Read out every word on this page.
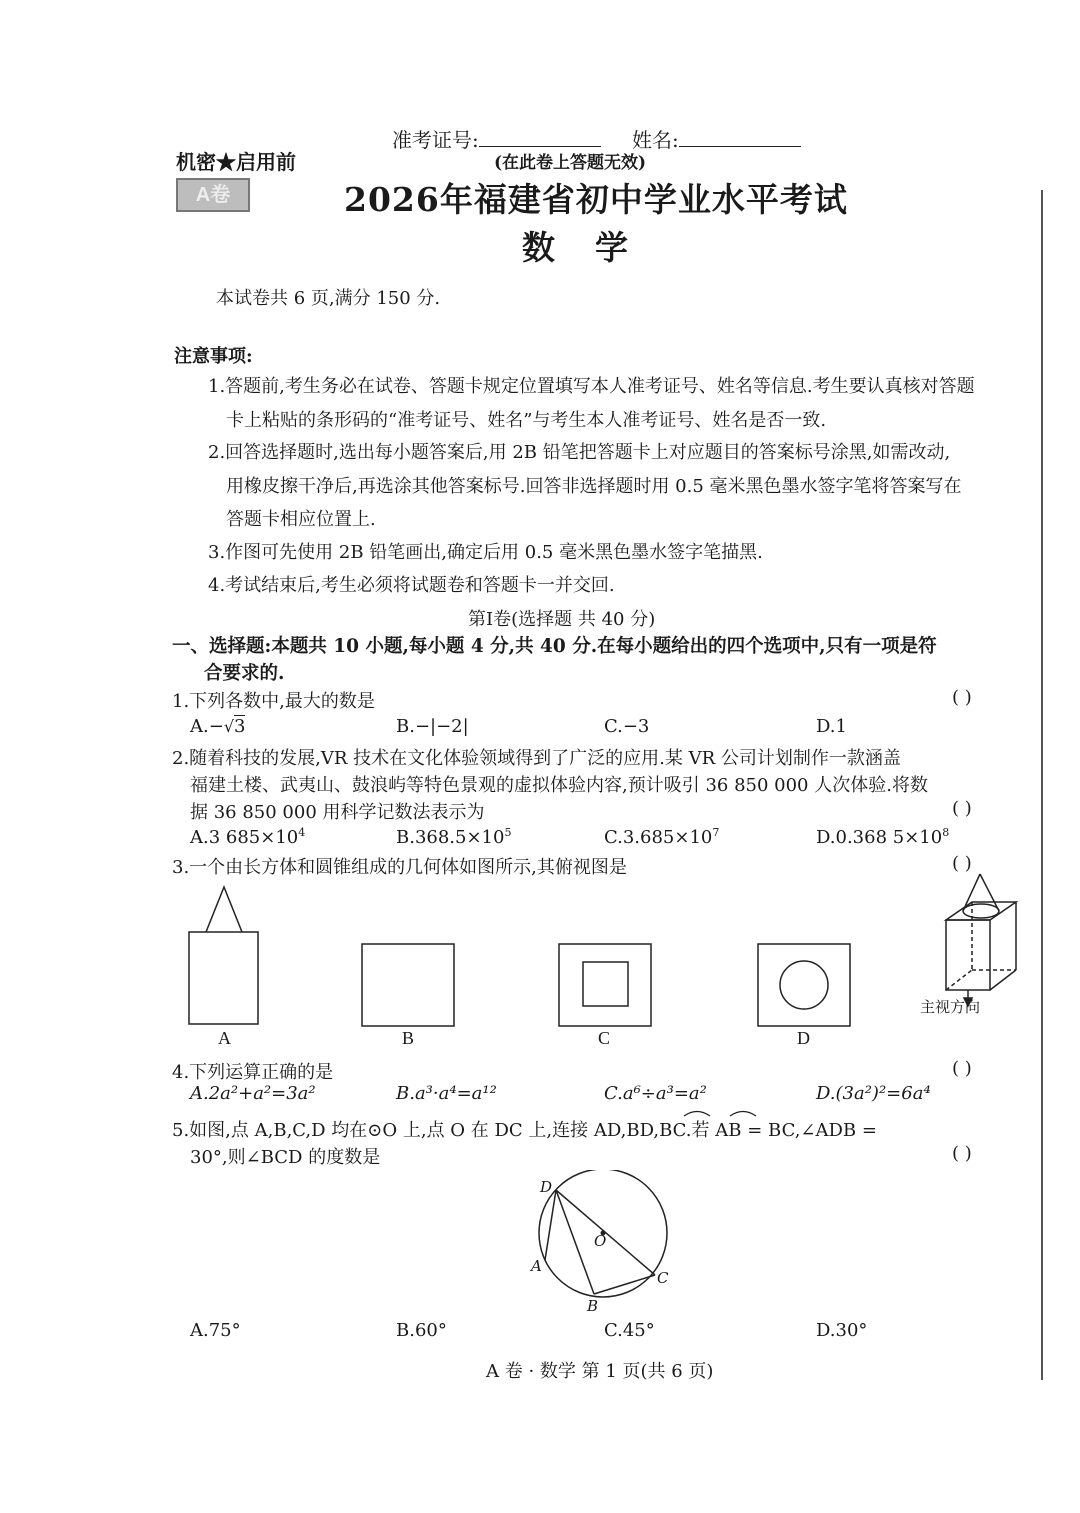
准考证号:	姓名:
机密★启用前	(在此卷上答题无效)
A卷	2026年福建省初中学业水平考试
数学
本试卷共 6 页,满分 150 分.
注意事项:
1.答题前,考生务必在试卷、答题卡规定位置填写本人准考证号、姓名等信息.考生要认真核对答题
卡上粘贴的条形码的“准考证号、姓名”与考生本人准考证号、姓名是否一致.
2.回答选择题时,选出每小题答案后,用 2B 铅笔把答题卡上对应题目的答案标号涂黑,如需改动,
用橡皮擦干净后,再选涂其他答案标号.回答非选择题时用 0.5 毫米黑色墨水签字笔将答案写在
答题卡相应位置上.
3.作图可先使用 2B 铅笔画出,确定后用 0.5 毫米黑色墨水签字笔描黑.
4.考试结束后,考生必须将试题卷和答题卡一并交回.
第Ⅰ卷(选择题 共 40 分)
一、选择题:本题共 10 小题,每小题 4 分,共 40 分.在每小题给出的四个选项中,只有一项是符
合要求的.
1.下列各数中,最大的数是	( )
A.−√3	B.−|−2|	C.−3	D.1
2.随着科技的发展,VR 技术在文化体验领域得到了广泛的应用.某 VR 公司计划制作一款涵盖
福建土楼、武夷山、鼓浪屿等特色景观的虚拟体验内容,预计吸引 36 850 000 人次体验.将数
据 36 850 000 用科学记数法表示为	( )
A.3 $685\times 10^4$	$B.368.5\times 10^5$	$C.3.685\times 10^7$	D.0.368 $5\times 10^8$
3.一个由长方体和圆锥组成的几何体如图所示,其俯视图是	( )
A	B	C	D
主视方向
4.下列运算正确的是	( )
A.2a²+a²=3a²	B.a³·a⁴=a¹²	C.a⁶÷a³=a²	D.(3a²)²=6a⁴
5.如图,点 A,B,C,D 均在⊙O 上,点 O 在 DC 上,连接 AD,BD,BC.若 AB = BC,∠ADB =
30°,则∠BCD 的度数是	( )
D
O
A
C
B
A.75°	B.60°	C.45°	D.30°
A 卷 · 数学 第 1 页(共 6 页)
